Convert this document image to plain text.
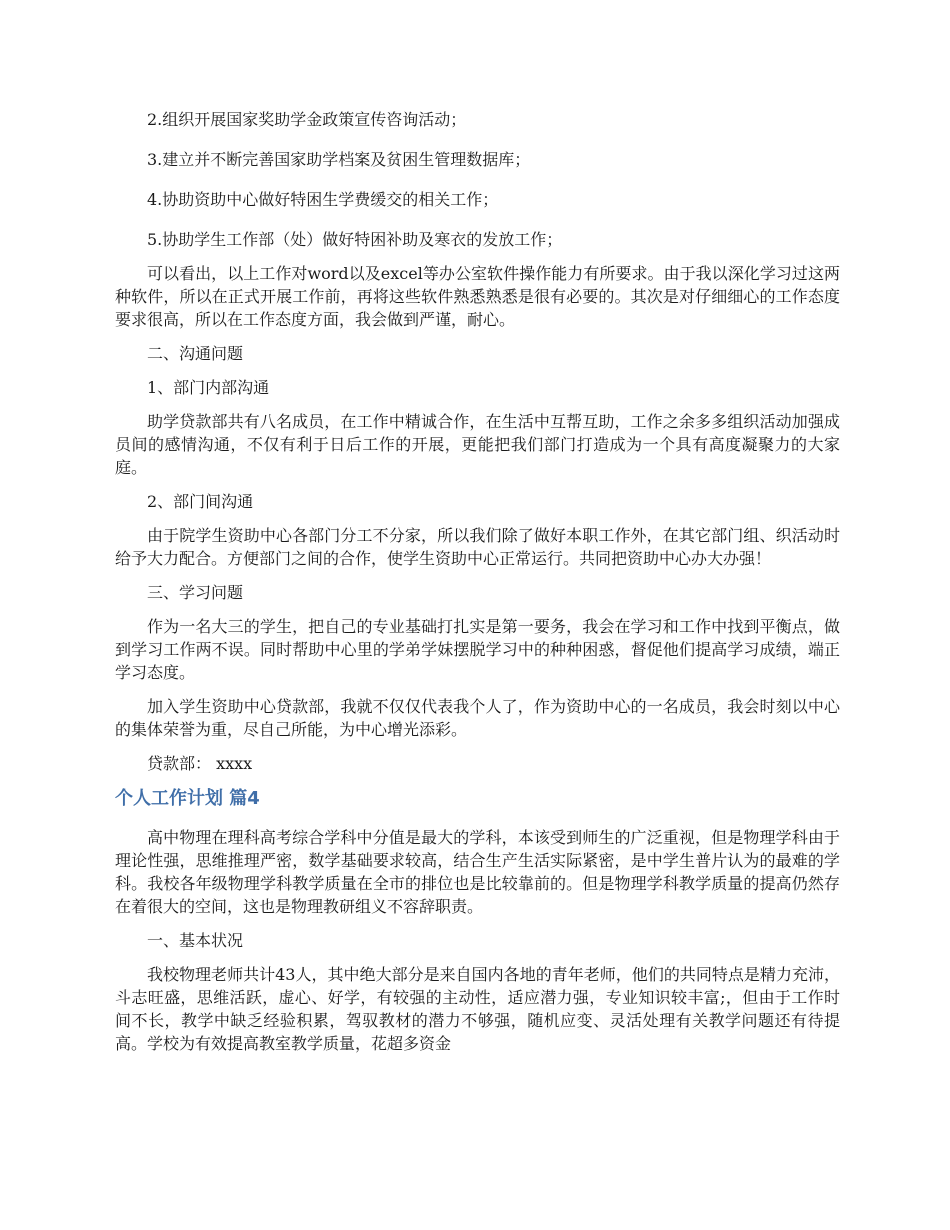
2.组织开展国家奖助学金政策宣传咨询活动；

3.建立并不断完善国家助学档案及贫困生管理数据库；

4.协助资助中心做好特困生学费缓交的相关工作；

5.协助学生工作部（处）做好特困补助及寒衣的发放工作；

可以看出，以上工作对word以及excel等办公室软件操作能力有所要求。由于我以深化学习过这两种软件，所以在正式开展工作前，再将这些软件熟悉熟悉是很有必要的。其次是对仔细细心的工作态度要求很高，所以在工作态度方面，我会做到严谨，耐心。

二、沟通问题

1、部门内部沟通

助学贷款部共有八名成员，在工作中精诚合作，在生活中互帮互助，工作之余多多组织活动加强成员间的感情沟通，不仅有利于日后工作的开展，更能把我们部门打造成为一个具有高度凝聚力的大家庭。

2、部门间沟通

由于院学生资助中心各部门分工不分家，所以我们除了做好本职工作外，在其它部门组、织活动时给予大力配合。方便部门之间的合作，使学生资助中心正常运行。共同把资助中心办大办强！

三、学习问题

作为一名大三的学生，把自己的专业基础打扎实是第一要务，我会在学习和工作中找到平衡点，做到学习工作两不误。同时帮助中心里的学弟学妹摆脱学习中的种种困惑，督促他们提高学习成绩，端正学习态度。

加入学生资助中心贷款部，我就不仅仅代表我个人了，作为资助中心的一名成员，我会时刻以中心的集体荣誉为重，尽自己所能，为中心增光添彩。

贷款部： xxxx

个人工作计划 篇4

高中物理在理科高考综合学科中分值是最大的学科，本该受到师生的广泛重视，但是物理学科由于理论性强，思维推理严密，数学基础要求较高，结合生产生活实际紧密，是中学生普片认为的最难的学科。我校各年级物理学科教学质量在全市的排位也是比较靠前的。但是物理学科教学质量的提高仍然存在着很大的空间，这也是物理教研组义不容辞职责。

一、基本状况

我校物理老师共计43人，其中绝大部分是来自国内各地的青年老师，他们的共同特点是精力充沛，斗志旺盛，思维活跃，虚心、好学，有较强的主动性，适应潜力强，专业知识较丰富;，但由于工作时间不长，教学中缺乏经验积累，驾驭教材的潜力不够强，随机应变、灵活处理有关教学问题还有待提高。学校为有效提高教室教学质量，花超多资金
